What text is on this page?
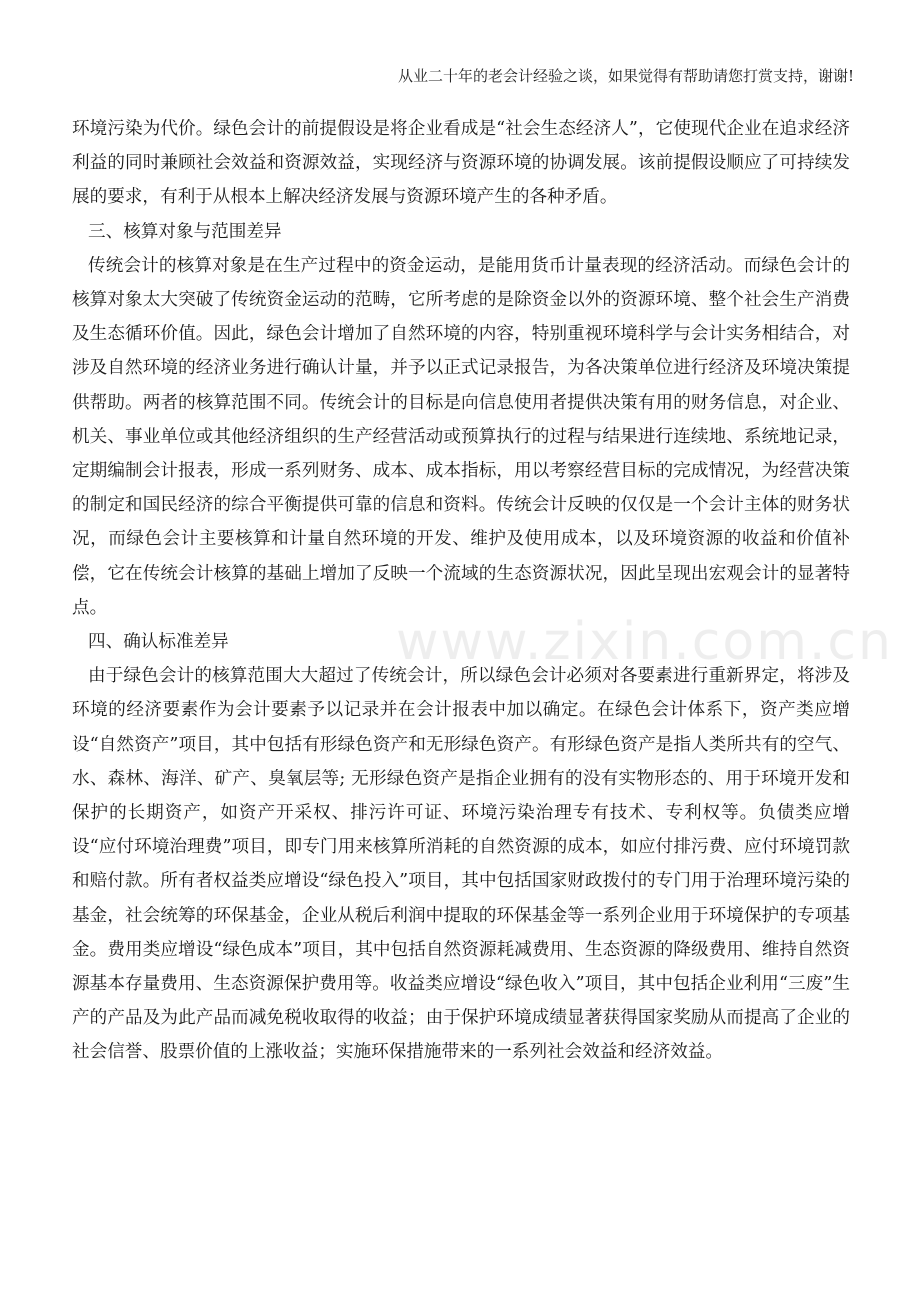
从业二十年的老会计经验之谈，如果觉得有帮助请您打赏支持，谢谢!

环境污染为代价。绿色会计的前提假设是将企业看成是“社会生态经济人”，它使现代企业在追求经济利益的同时兼顾社会效益和资源效益，实现经济与资源环境的协调发展。该前提假设顺应了可持续发展的要求，有利于从根本上解决经济发展与资源环境产生的各种矛盾。

三、核算对象与范围差异

传统会计的核算对象是在生产过程中的资金运动，是能用货币计量表现的经济活动。而绿色会计的核算对象太大突破了传统资金运动的范畴，它所考虑的是除资金以外的资源环境、整个社会生产消费及生态循环价值。因此，绿色会计增加了自然环境的内容，特别重视环境科学与会计实务相结合，对涉及自然环境的经济业务进行确认计量，并予以正式记录报告，为各决策单位进行经济及环境决策提供帮助。两者的核算范围不同。传统会计的目标是向信息使用者提供决策有用的财务信息，对企业、机关、事业单位或其他经济组织的生产经营活动或预算执行的过程与结果进行连续地、系统地记录，定期编制会计报表，形成一系列财务、成本、成本指标，用以考察经营目标的完成情况，为经营决策的制定和国民经济的综合平衡提供可靠的信息和资料。传统会计反映的仅仅是一个会计主体的财务状况，而绿色会计主要核算和计量自然环境的开发、维护及使用成本，以及环境资源的收益和价值补偿，它在传统会计核算的基础上增加了反映一个流域的生态资源状况，因此呈现出宏观会计的显著特点。

四、确认标准差异

由于绿色会计的核算范围大大超过了传统会计，所以绿色会计必须对各要素进行重新界定，将涉及环境的经济要素作为会计要素予以记录并在会计报表中加以确定。在绿色会计体系下，资产类应增设“自然资产”项目，其中包括有形绿色资产和无形绿色资产。有形绿色资产是指人类所共有的空气、水、森林、海洋、矿产、臭氧层等; 无形绿色资产是指企业拥有的没有实物形态的、用于环境开发和保护的长期资产，如资产开采权、排污许可证、环境污染治理专有技术、专利权等。负债类应增设“应付环境治理费”项目，即专门用来核算所消耗的自然资源的成本，如应付排污费、应付环境罚款和赔付款。所有者权益类应增设“绿色投入”项目，其中包括国家财政拨付的专门用于治理环境污染的基金，社会统筹的环保基金，企业从税后利润中提取的环保基金等一系列企业用于环境保护的专项基金。费用类应增设“绿色成本”项目，其中包括自然资源耗减费用、生态资源的降级费用、维持自然资源基本存量费用、生态资源保护费用等。收益类应增设“绿色收入”项目，其中包括企业利用“三废”生产的产品及为此产品而减免税收取得的收益；由于保护环境成绩显著获得国家奖励从而提高了企业的社会信誉、股票价值的上涨收益；实施环保措施带来的一系列社会效益和经济效益。

www.zixin.com.cn
